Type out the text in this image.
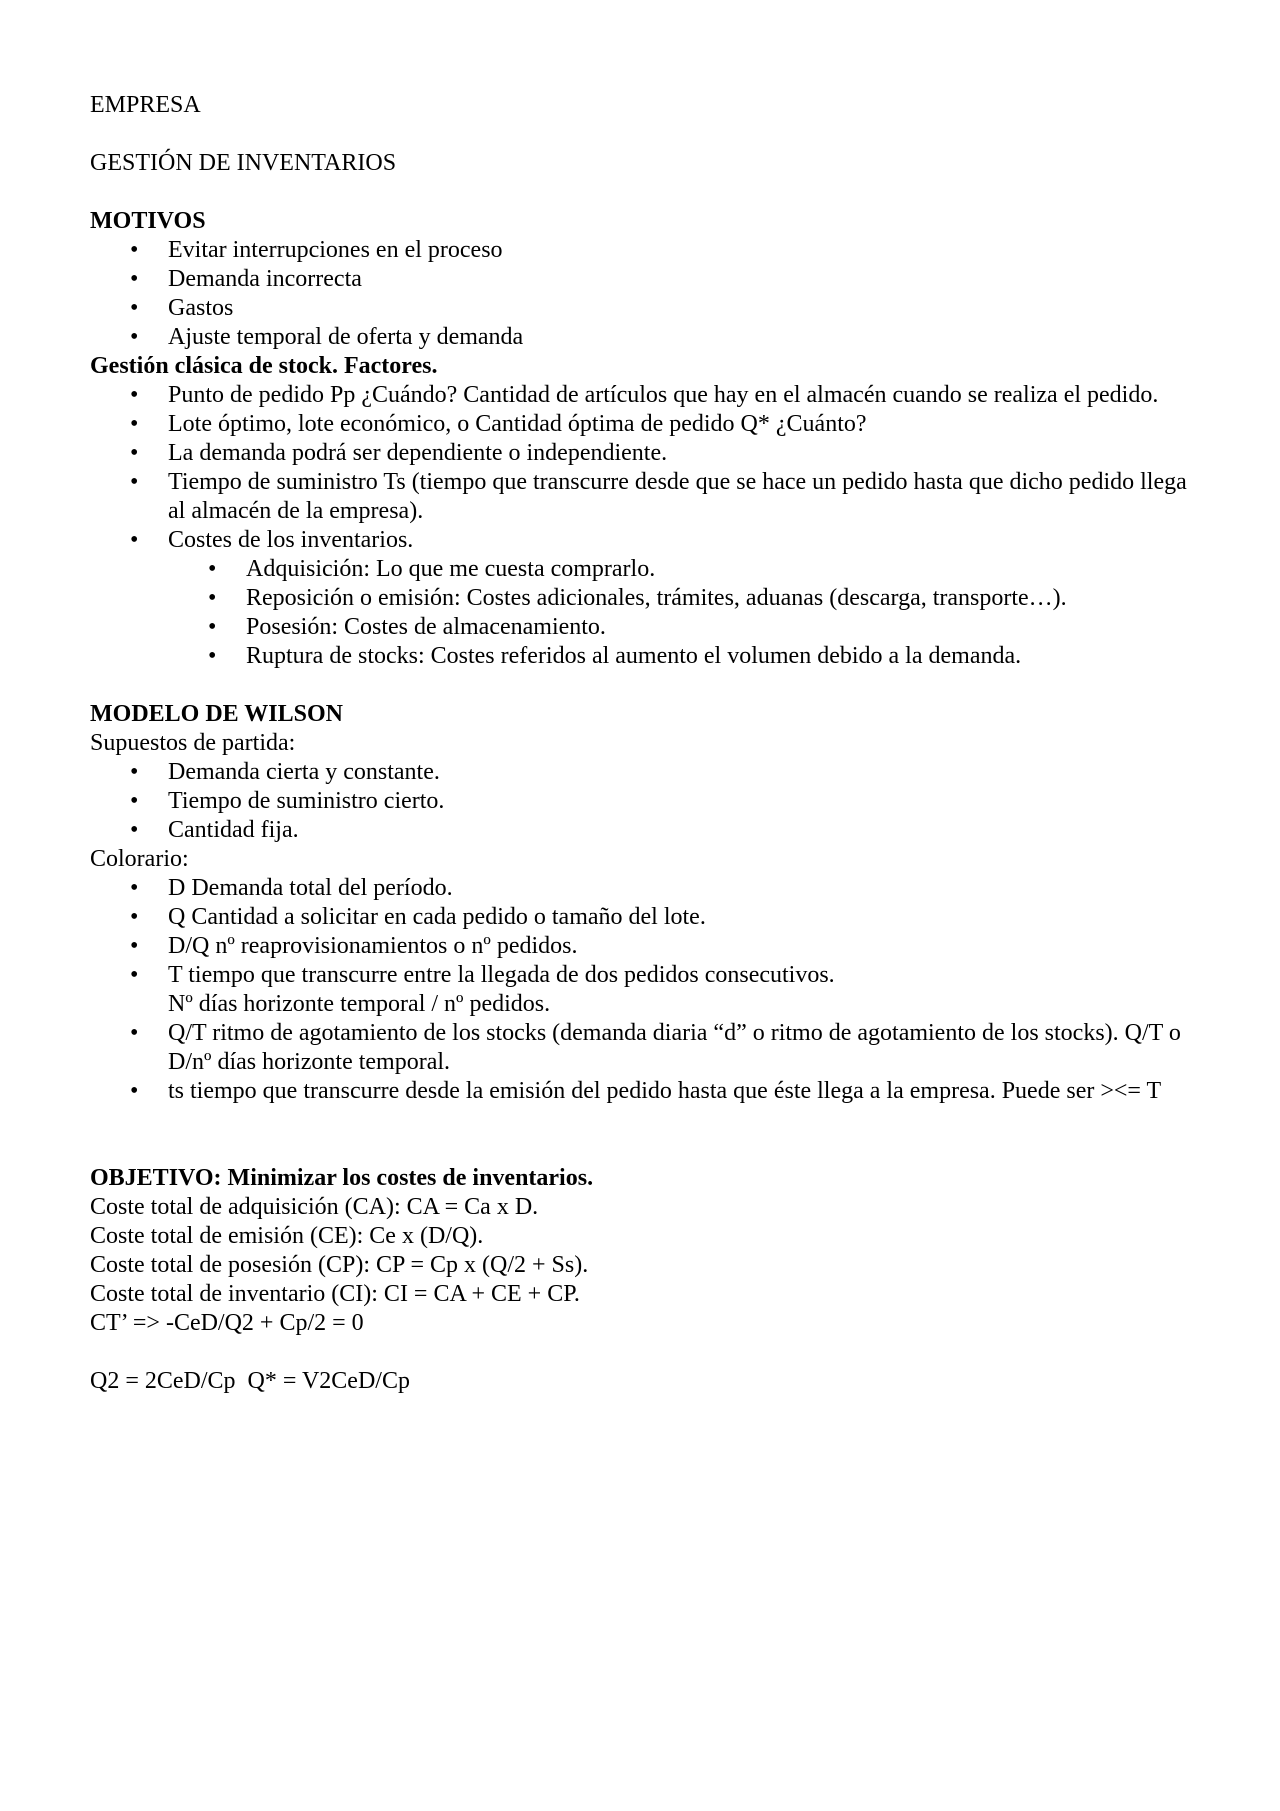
EMPRESA
GESTIÓN DE INVENTARIOS
MOTIVOS
• Evitar interrupciones en el proceso
• Demanda incorrecta
• Gastos
• Ajuste temporal de oferta y demanda
Gestión clásica de stock. Factores.
• Punto de pedido Pp ¿Cuándo? Cantidad de artículos que hay en el almacén cuando se realiza el pedido.
• Lote óptimo, lote económico, o Cantidad óptima de pedido Q* ¿Cuánto?
• La demanda podrá ser dependiente o independiente.
• Tiempo de suministro Ts (tiempo que transcurre desde que se hace un pedido hasta que dicho pedido llega al almacén de la empresa).
• Costes de los inventarios.
• Adquisición: Lo que me cuesta comprarlo.
• Reposición o emisión: Costes adicionales, trámites, aduanas (descarga, transporte…).
• Posesión: Costes de almacenamiento.
• Ruptura de stocks: Costes referidos al aumento el volumen debido a la demanda.
MODELO DE WILSON
Supuestos de partida:
• Demanda cierta y constante.
• Tiempo de suministro cierto.
• Cantidad fija.
Colorario:
• D Demanda total del período.
• Q Cantidad a solicitar en cada pedido o tamaño del lote.
• D/Q nº reaprovisionamientos o nº pedidos.
• T tiempo que transcurre entre la llegada de dos pedidos consecutivos.
Nº días horizonte temporal / nº pedidos.
• Q/T ritmo de agotamiento de los stocks (demanda diaria “d” o ritmo de agotamiento de los stocks). Q/T o D/nº días horizonte temporal.
• ts tiempo que transcurre desde la emisión del pedido hasta que éste llega a la empresa. Puede ser ><= T
OBJETIVO: Minimizar los costes de inventarios.
Coste total de adquisición (CA): CA = Ca x D.
Coste total de emisión (CE): Ce x (D/Q).
Coste total de posesión (CP): CP = Cp x (Q/2 + Ss).
Coste total de inventario (CI): CI = CA + CE + CP.
CT’ => -CeD/Q2 + Cp/2 = 0
Q2 = 2CeD/Cp  Q* = V2CeD/Cp
